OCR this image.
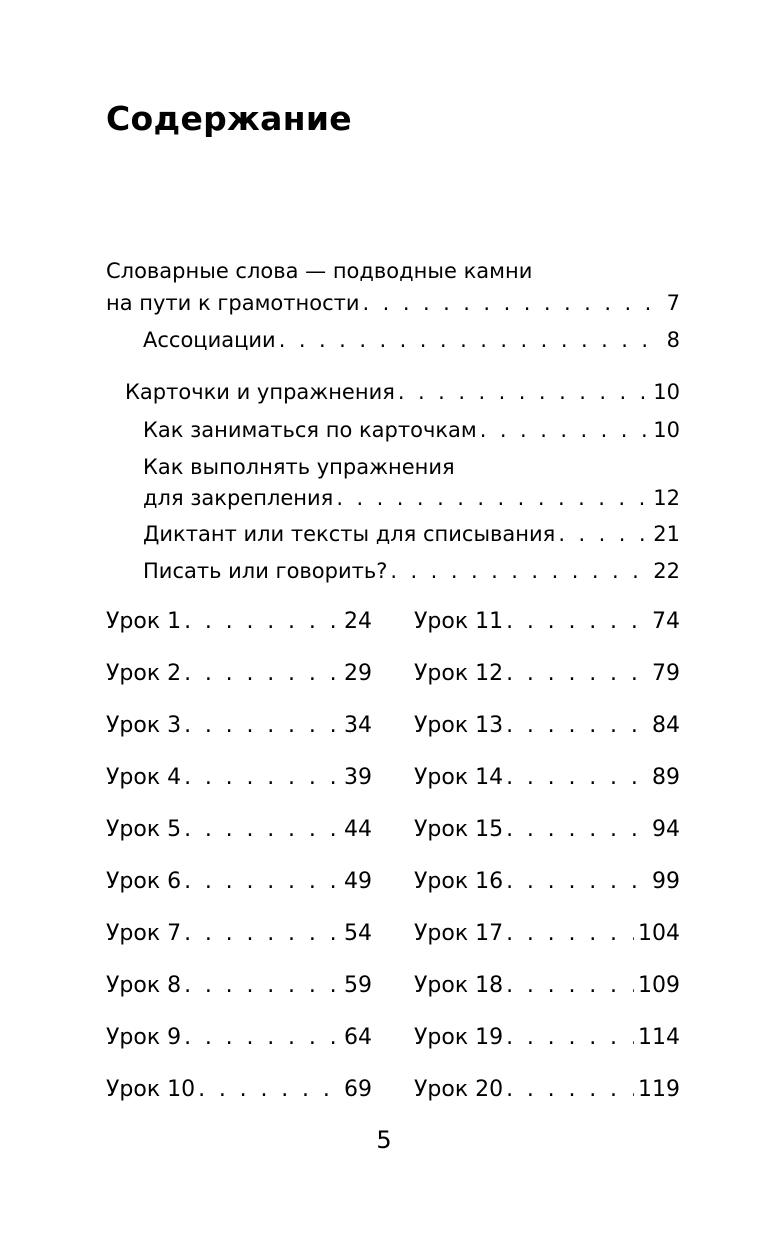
Содержание
Словарные слова — подводные камни
на пути к грамотности . . .	7
Ассоциации . . .	8
Карточки и упражнения . . .	10
Как заниматься по карточкам . . .	10
Как выполнять упражнения
для закрепления . . .	12
Диктант или тексты для списывания . . .	21
Писать или говорить? . . .	22
Урок 1 . . .	24
Урок 2 . . .	29
Урок 3 . . .	34
Урок 4 . . .	39
Урок 5 . . .	44
Урок 6 . . .	49
Урок 7 . . .	54
Урок 8 . . .	59
Урок 9 . . .	64
Урок 10 . . .	69
Урок 11 . . .	74
Урок 12 . . .	79
Урок 13 . . .	84
Урок 14 . . .	89
Урок 15 . . .	94
Урок 16 . . .	99
Урок 17 . . .	104
Урок 18 . . .	109
Урок 19 . . .	114
Урок 20 . . .	119
5
